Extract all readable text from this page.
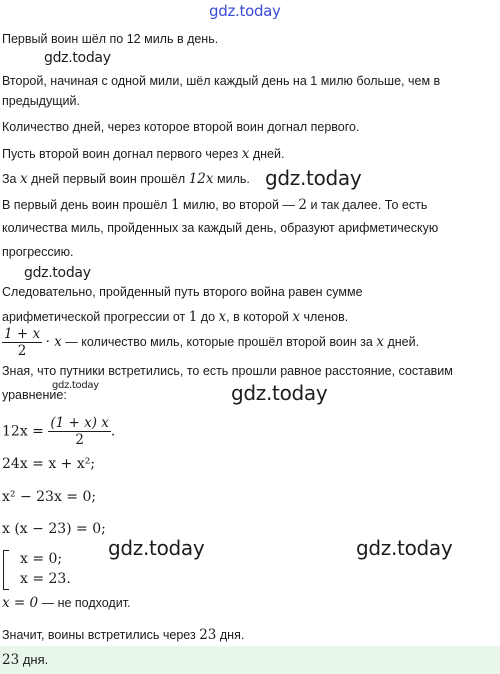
gdz.today
gdz.today
gdz.today
gdz.today
gdz.today	gdz.today
gdz.today	gdz.today
Первый воин шёл по 12 миль в день.
Второй, начиная с одной мили, шёл каждый день на 1 милю больше, чем в
предыдущий.
Количество дней, через которое второй воин догнал первого.
Пусть второй воин догнал первого через x дней.
За x дней первый воин прошёл 12x миль.
В первый день воин прошёл 1 милю, во второй — 2 и так далее. То есть
количества миль, пройденных за каждый день, образуют арифметическую
прогрессию.
Следовательно, пройденный путь второго война равен сумме
арифметической прогрессии от 1 до x, в которой x членов.
$\frac{1 + x}{2} \cdot x$ — количество миль, которые прошёл второй воин за x дней.
Зная, что путники встретились, то есть прошли равное расстояние, составим
уравнение:
$12x = \frac{(1 + x) x}{2}$ .
24x = x + x²;
x² − 23x = 0;
x (x − 23) = 0;
x = 0;
x = 23.
x = 0 — не подходит.
Значит, воины встретились через 23 дня.
23 дня.
